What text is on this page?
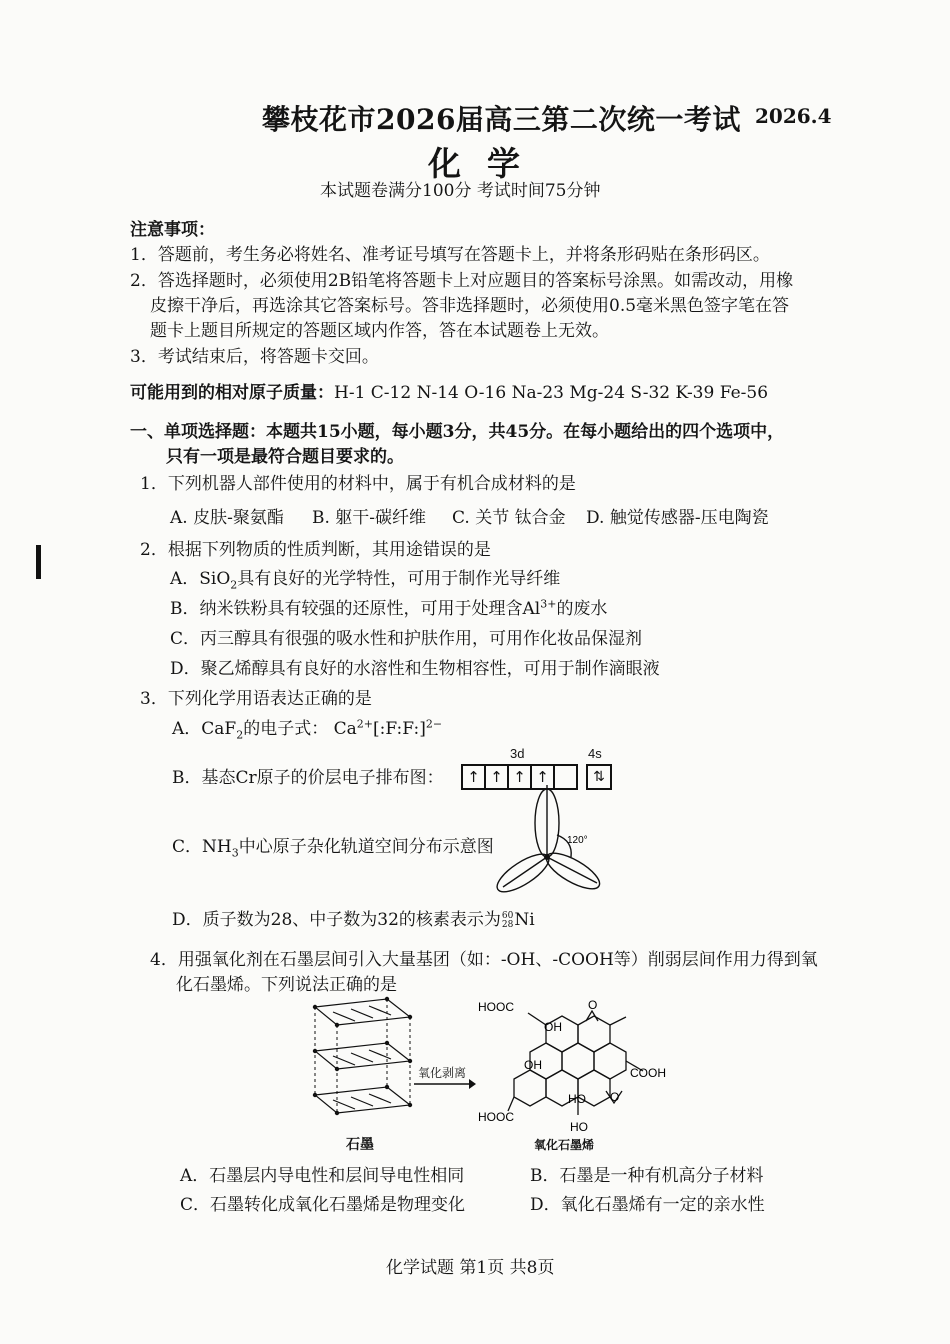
攀枝花市2026届高三第二次统一考试 2026.4
化学
本试题卷满分100分 考试时间75分钟
注意事项：
1．答题前，考生务必将姓名、准考证号填写在答题卡上，并将条形码贴在条形码区。
2．答选择题时，必须使用2B铅笔将答题卡上对应题目的答案标号涂黑。如需改动，用橡
皮擦干净后，再选涂其它答案标号。答非选择题时，必须使用0.5毫米黑色签字笔在答
题卡上题目所规定的答题区域内作答，答在本试题卷上无效。
3．考试结束后，将答题卡交回。
可能用到的相对原子质量：H-1 C-12 N-14 O-16 Na-23 Mg-24 S-32 K-39 Fe-56
一、单项选择题：本题共15小题，每小题3分，共45分。在每小题给出的四个选项中，
只有一项是最符合题目要求的。
1．下列机器人部件使用的材料中，属于有机合成材料的是
A. 皮肤-聚氨酯 B. 躯干-碳纤维 C. 关节 钛合金 D. 触觉传感器-压电陶瓷
2．根据下列物质的性质判断，其用途错误的是
A．SiO$_2$具有良好的光学特性，可用于制作光导纤维
B．纳米铁粉具有较强的还原性，可用于处理含$Al^{3+}$的废水
C．丙三醇具有很强的吸水性和护肤作用，可用作化妆品保湿剂
D．聚乙烯醇具有良好的水溶性和生物相容性，可用于制作滴眼液
3．下列化学用语表达正确的是
A．CaF$_2$的电子式： $Ca^{2+}[:F:F:]^{2-}$
3d	4s
B．基态Cr原子的价层电子排布图： ↑ ↑ ↑ ↑	⇅
C．$NH_3$中心原子杂化轨道空间分布示意图	120°
D．质子数为28、中子数为32的核素表示为 60
28 Ni
4．用强氧化剂在石墨层间引入大量基团（如：-OH、-COOH等）削弱层间作用力得到氧
化石墨烯。下列说法正确的是
石墨
氧化剥离
HOOC
OH
O
OH
COOH
HOOC
HO
HO
O
氧化石墨烯
A．石墨层内导电性和层间导电性相同	B．石墨是一种有机高分子材料
C．石墨转化成氧化石墨烯是物理变化	D．氧化石墨烯有一定的亲水性
化学试题 第1页 共8页
